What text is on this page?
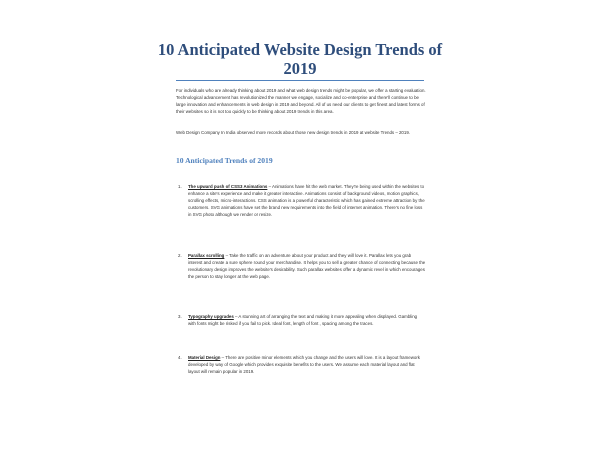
10 Anticipated Website Design Trends of 2019
For individuals who are already thinking about 2019 and what web design trends might be popular, we offer a starting evaluation. Technological advancement has revolutionized the manner we engage, socialize and co-enterprise and there'll continue to be large innovation and enhancements in web design in 2019 and beyond. All of us need our clients to get finest and latest forms of their websites so it is not too quickly to be thinking about 2019 trends in this area.
Web Design Company In India observed more records about those new design trends in 2019 at website Trends – 2019.
10 Anticipated Trends of 2019
1. The upward push of CSS3 Animations – Animations have hit the web market. They're being used within the websites to enhance a site's experience and make it greater interactive. Animations consist of background videos, motion graphics, scrolling effects, micro-interactions. CSS animation is a powerful characteristic which has gained extreme attraction by the customers. SVG animations have set the brand new requirements into the field of internet animation. There's no fine loss in SVG photo although we render or resize.
2. Parallax scrolling – Take the traffic on an adventure about your product and they will love it. Parallax lets you grab interest and create a sure sphere round your merchandise. It helps you to sell a greater chance of connecting because the revolutionary design improves the website's desirability. Such parallax websites offer a dynamic revel in which encourages the person to stay longer at the web page.
3. Typography upgrades – A stunning art of arranging the text and making it more appealing when displayed. Gambling with fonts might be risked if you fail to pick. Ideal font, length of font , spacing among the traces.
4. Material Design – There are positive minor elements which you change and the users will love. It is a layout framework developed by way of Google which provides exquisite benefits to the users. We assume each material layout and flat layout will remain popular in 2019.
